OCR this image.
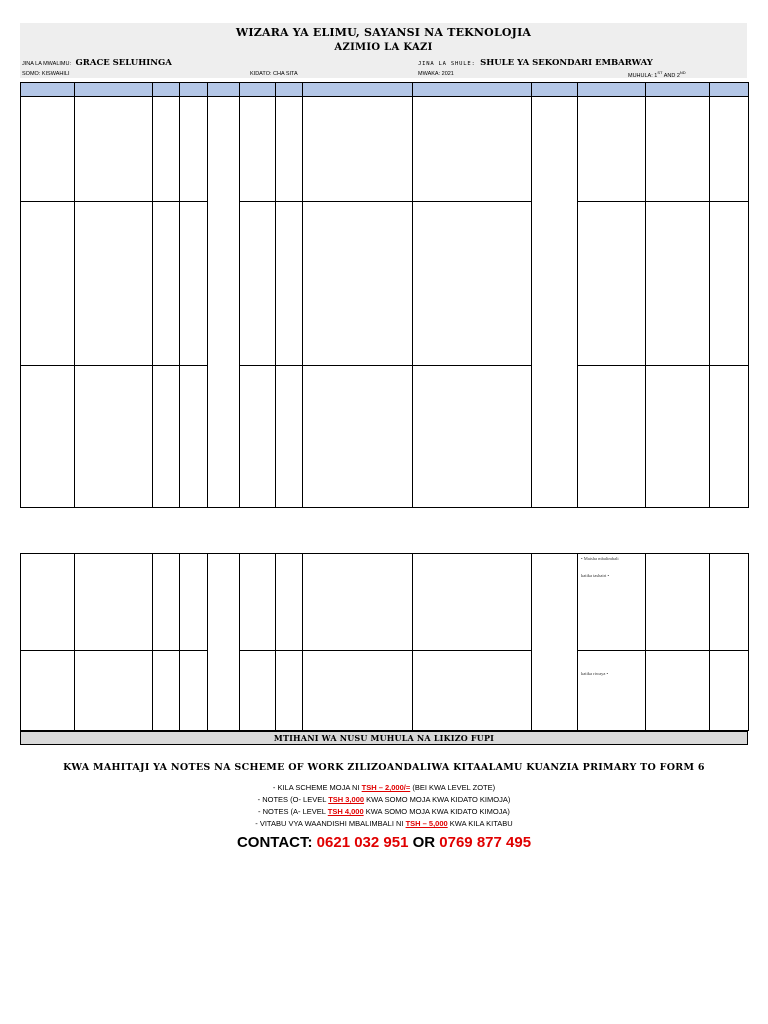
WIZARA YA ELIMU, SAYANSI NA TEKNOLOJIA
AZIMIO LA KAZI
JINA LA MWALIMU: GRACE SELUHINGA	JINA LA SHULE: SHULE YA SEKONDARI EMBARWAY
SOMO: KISWAHILI	KIDATO: CHA SITA	MWAKA: 2021	MUHULA: 1ST AND 2ND

										• Maisha mbalimbali
katika tashairi •		

										katika riwaya •		

MTIHANI WA NUSU MUHULA NA LIKIZO FUPI
KWA MAHITAJI YA NOTES NA SCHEME OF WORK ZILIZOANDALIWA KITAALAMU KUANZIA PRIMARY TO FORM 6
- KILA SCHEME MOJA NI TSH – 2,000/= (BEI KWA LEVEL ZOTE)
- NOTES (O- LEVEL TSH 3,000 KWA SOMO MOJA KWA KIDATO KIMOJA)
- NOTES (A- LEVEL TSH 4,000 KWA SOMO MOJA KWA KIDATO KIMOJA)
- VITABU VYA WAANDISHI MBALIMBALI NI TSH – 5,000 KWA KILA KITABU
CONTACT: 0621 032 951 OR 0769 877 495
